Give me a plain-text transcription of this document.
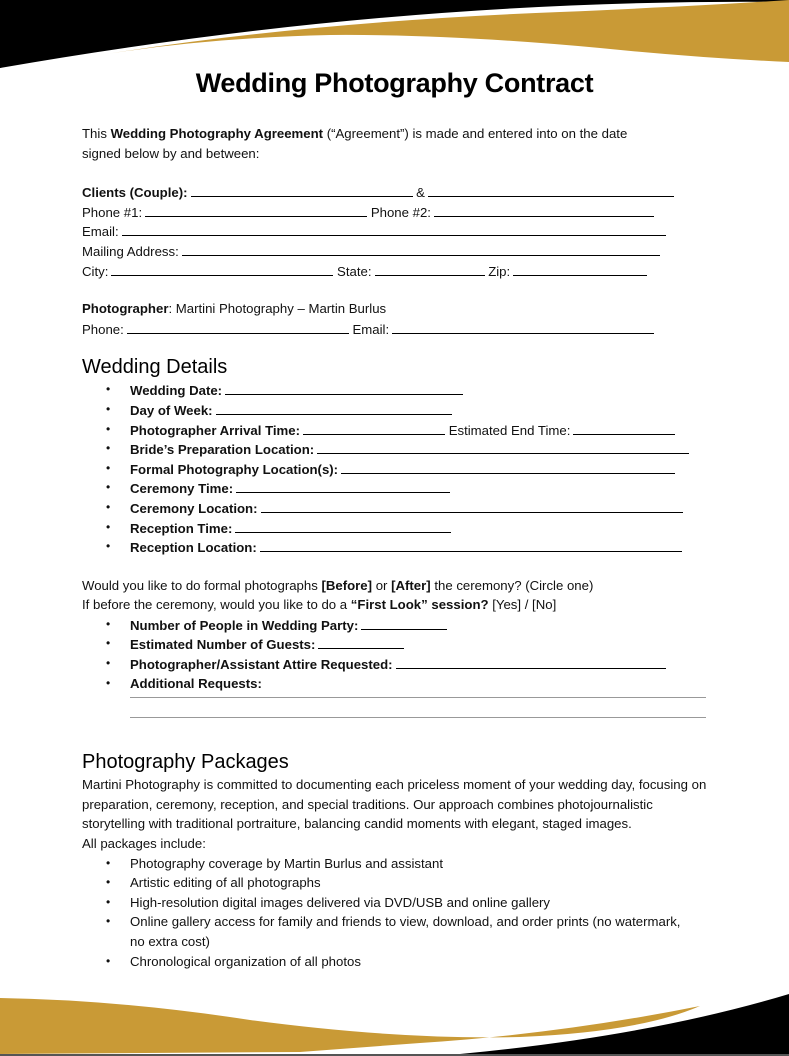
Wedding Photography Contract
This Wedding Photography Agreement (“Agreement”) is made and entered into on the date
signed below by and between:
Clients (Couple):	&
Phone #1:	Phone #2:
Email:
Mailing Address:
City:	State:	Zip:
Photographer: Martini Photography – Martin Burlus
Phone:	Email:
Wedding Details
• Wedding Date:
• Day of Week:
• Photographer Arrival Time:	Estimated End Time:
• Bride’s Preparation Location:
• Formal Photography Location(s):
• Ceremony Time:
• Ceremony Location:
• Reception Time:
• Reception Location:
Would you like to do formal photographs [Before] or [After] the ceremony? (Circle one)
If before the ceremony, would you like to do a “First Look” session? [Yes] / [No]
• Number of People in Wedding Party:
• Estimated Number of Guests:
• Photographer/Assistant Attire Requested:
• Additional Requests:
Photography Packages
Martini Photography is committed to documenting each priceless moment of your wedding day, focusing on preparation, ceremony, reception, and special traditions. Our approach combines photojournalistic storytelling with traditional portraiture, balancing candid moments with elegant, staged images.
All packages include:
• Photography coverage by Martin Burlus and assistant
• Artistic editing of all photographs
• High-resolution digital images delivered via DVD/USB and online gallery
• Online gallery access for family and friends to view, download, and order prints (no watermark, no extra cost)
• Chronological organization of all photos
